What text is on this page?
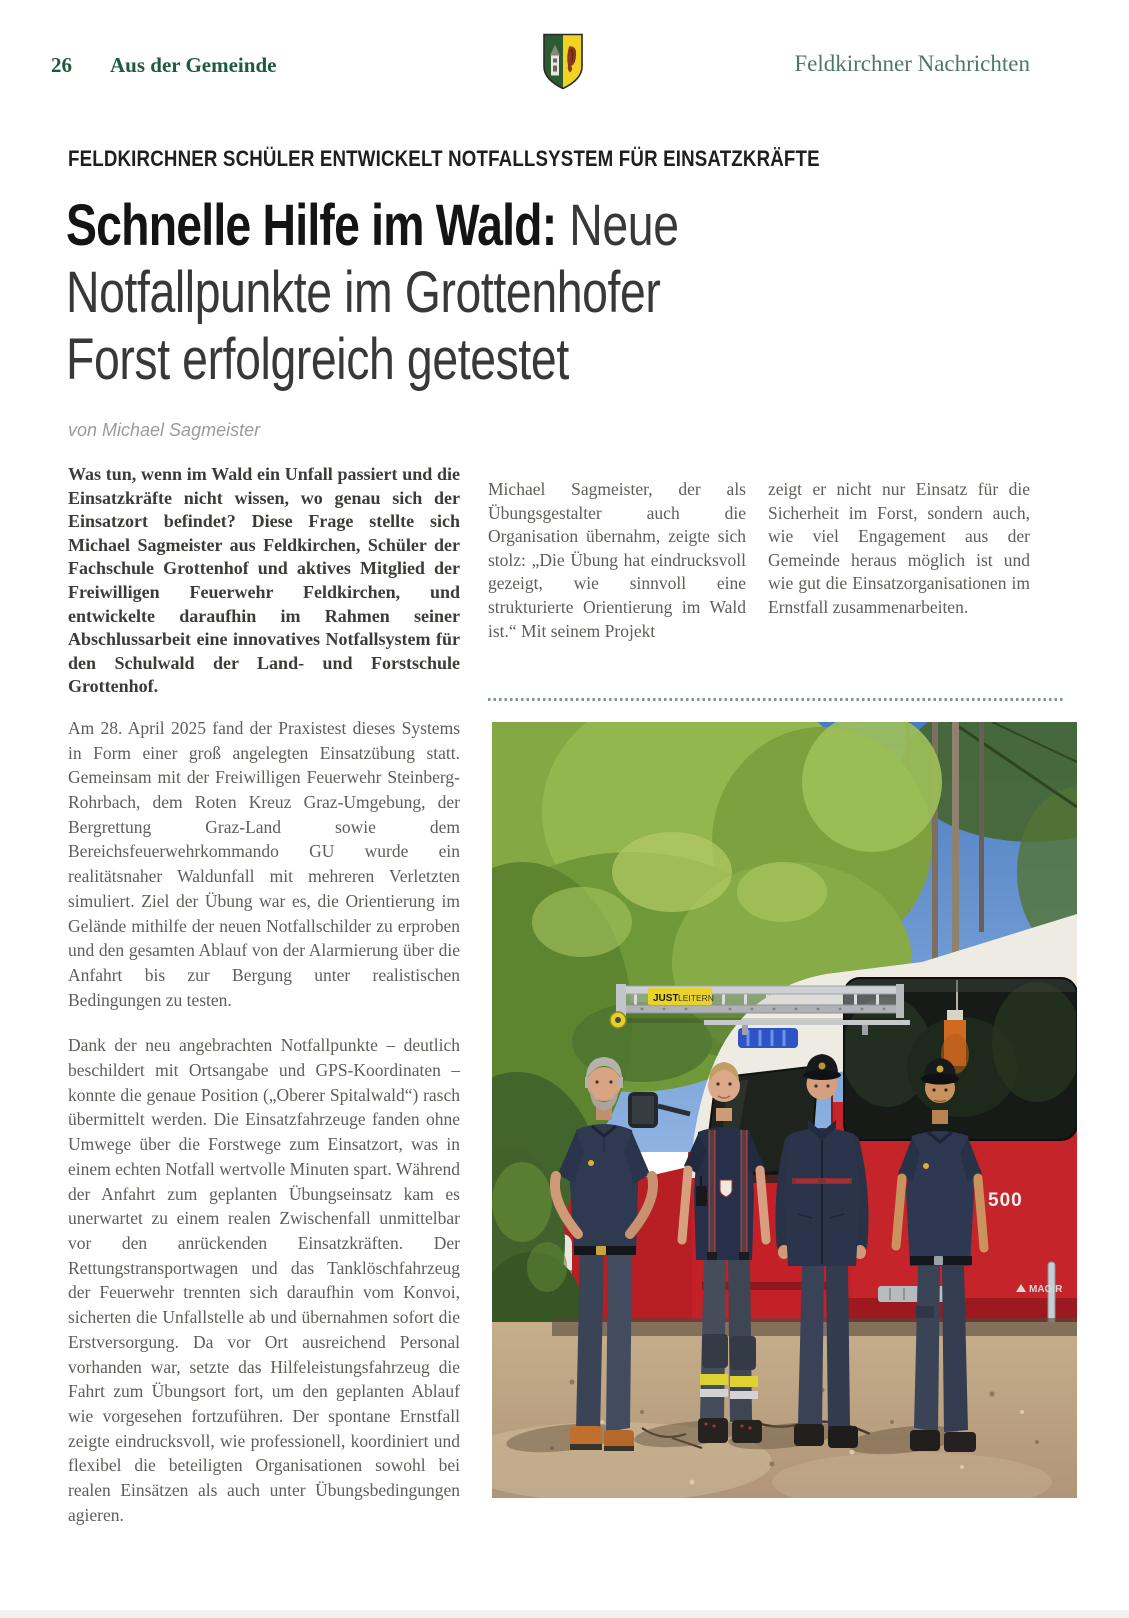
26 Aus der Gemeinde	Feldkirchner Nachrichten
FELDKIRCHNER SCHÜLER ENTWICKELT NOTFALLSYSTEM FÜR EINSATZKRÄFTE
Schnelle Hilfe im Wald: Neue
Notfallpunkte im Grottenhofer
Forst erfolgreich getestet
von Michael Sagmeister

Was tun, wenn im Wald ein Unfall passiert und die Einsatzkräfte nicht wissen, wo genau sich der Einsatzort befindet? Diese Frage stellte sich Michael Sagmeister aus Feldkirchen, Schüler der Fachschule Grottenhof und aktives Mitglied der Freiwilligen Feuerwehr Feldkirchen, und entwickelte daraufhin im Rahmen seiner Abschlussarbeit eine innovatives Notfallsystem für den Schulwald der Land- und Forstschule Grottenhof.

Am 28. April 2025 fand der Praxistest dieses Systems in Form einer groß angelegten Einsatzübung statt. Gemeinsam mit der Freiwilligen Feuerwehr Steinberg-Rohrbach, dem Roten Kreuz Graz-Umgebung, der Bergrettung Graz-Land sowie dem Bereichsfeuerwehrkommando GU wurde ein realitätsnaher Waldunfall mit mehreren Verletzten simuliert. Ziel der Übung war es, die Orientierung im Gelände mithilfe der neuen Notfallschilder zu erproben und den gesamten Ablauf von der Alarmierung über die Anfahrt bis zur Bergung unter realistischen Bedingungen zu testen.

Dank der neu angebrachten Notfallpunkte – deutlich beschildert mit Ortsangabe und GPS-Koordinaten – konnte die genaue Position („Oberer Spitalwald“) rasch übermittelt werden. Die Einsatzfahrzeuge fanden ohne Umwege über die Forstwege zum Einsatzort, was in einem echten Notfall wertvolle Minuten spart. Während der Anfahrt zum geplanten Übungseinsatz kam es unerwartet zu einem realen Zwischenfall unmittelbar vor den anrückenden Einsatzkräften. Der Rettungstransportwagen und das Tanklöschfahrzeug der Feuerwehr trennten sich daraufhin vom Konvoi, sicherten die Unfallstelle ab und übernahmen sofort die Erstversorgung. Da vor Ort ausreichend Personal vorhanden war, setzte das Hilfeleistungsfahrzeug die Fahrt zum Übungsort fort, um den geplanten Ablauf wie vorgesehen fortzuführen. Der spontane Ernstfall zeigte eindrucksvoll, wie professionell, koordiniert und flexibel die beteiligten Organisationen sowohl bei realen Einsätzen als auch unter Übungsbedingungen agieren.

Michael Sagmeister, der als Übungsgestalter auch die Organisation übernahm, zeigte sich stolz: „Die Übung hat eindrucksvoll gezeigt, wie sinnvoll eine strukturierte Orientierung im Wald ist.“ Mit seinem Projekt

zeigt er nicht nur Einsatz für die Sicherheit im Forst, sondern auch, wie viel Engagement aus der Gemeinde heraus möglich ist und wie gut die Einsatzorganisationen im Ernstfall zusammenarbeiten.

500
MAGIR
JUST LEITERN
